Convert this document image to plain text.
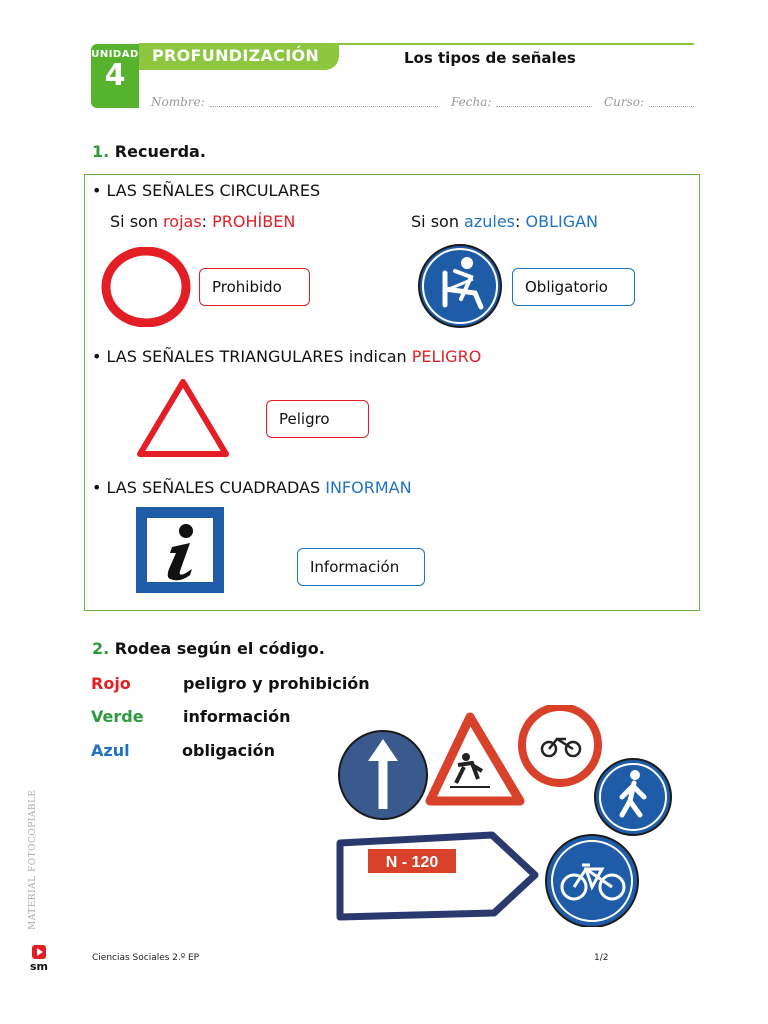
UNIDAD
4
PROFUNDIZACIÓN	Los tipos de señales
Nombre:	Fecha:	Curso:
1. Recuerda.
• LAS SEÑALES CIRCULARES
Si son rojas: PROHÍBEN	Si son azules: OBLIGAN
Prohibido	Obligatorio
• LAS SEÑALES TRIANGULARES indican PELIGRO
Peligro
• LAS SEÑALES CUADRADAS INFORMAN
Información
2. Rodea según el código.
Rojo	peligro y prohibición
Verde información
Azul	obligación
N - 120
MATERIAL FOTOCOPIABLE
sm
Ciencias Sociales 2.º EP	1/2
